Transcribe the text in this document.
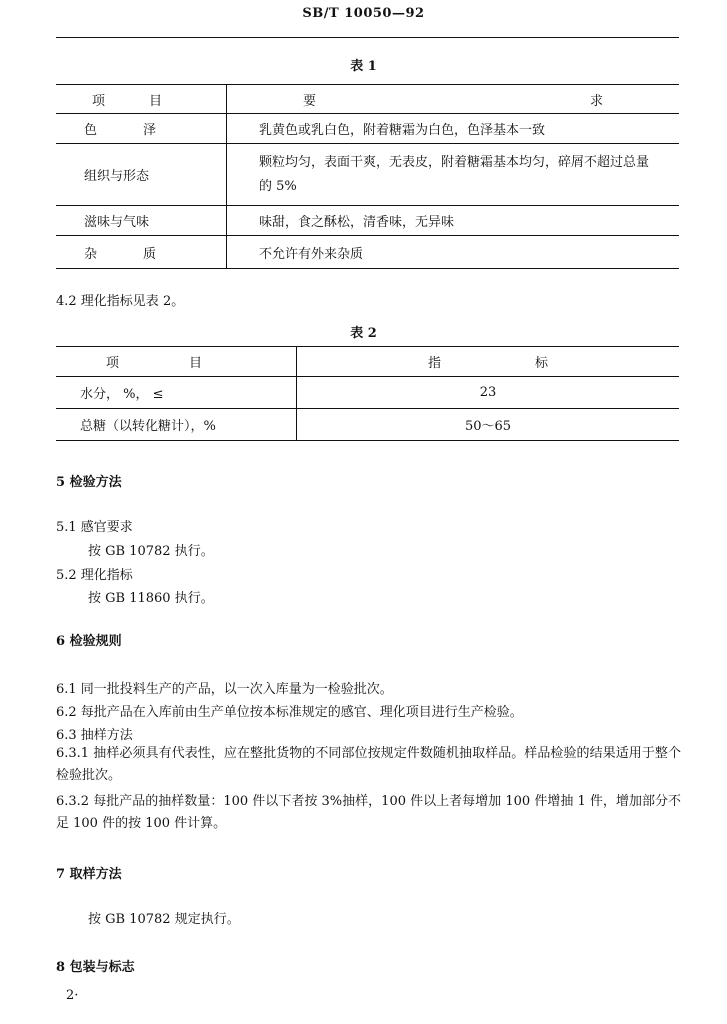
SB/T 10050—92
表 1
项 目	要 求

色 泽	乳黄色或乳白色，附着糖霜为白色，色泽基本一致
组织与形态	颗粒均匀，表面干爽，无表皮，附着糖霜基本均匀，碎屑不超过总量的 5%
滋味与气味	味甜，食之酥松，清香味，无异味

杂 质	不允许有外来杂质
4.2 理化指标见表 2。
表 2
项 目	指 标
水分， %， ≤	23
总糖（以转化糖计），%	50～65
5 检验方法
5.1 感官要求
按 GB 10782 执行。
5.2 理化指标
按 GB 11860 执行。
6 检验规则
6.1 同一批投料生产的产品，以一次入库量为一检验批次。
6.2 每批产品在入库前由生产单位按本标准规定的感官、理化项目进行生产检验。
6.3 抽样方法
6.3.1 抽样必须具有代表性，应在整批货物的不同部位按规定件数随机抽取样品。样品检验的结果适用于整个检验批次。
6.3.2 每批产品的抽样数量：100 件以下者按 3%抽样，100 件以上者每增加 100 件增抽 1 件，增加部分不足 100 件的按 100 件计算。
7 取样方法
按 GB 10782 规定执行。
8 包装与标志
2·
